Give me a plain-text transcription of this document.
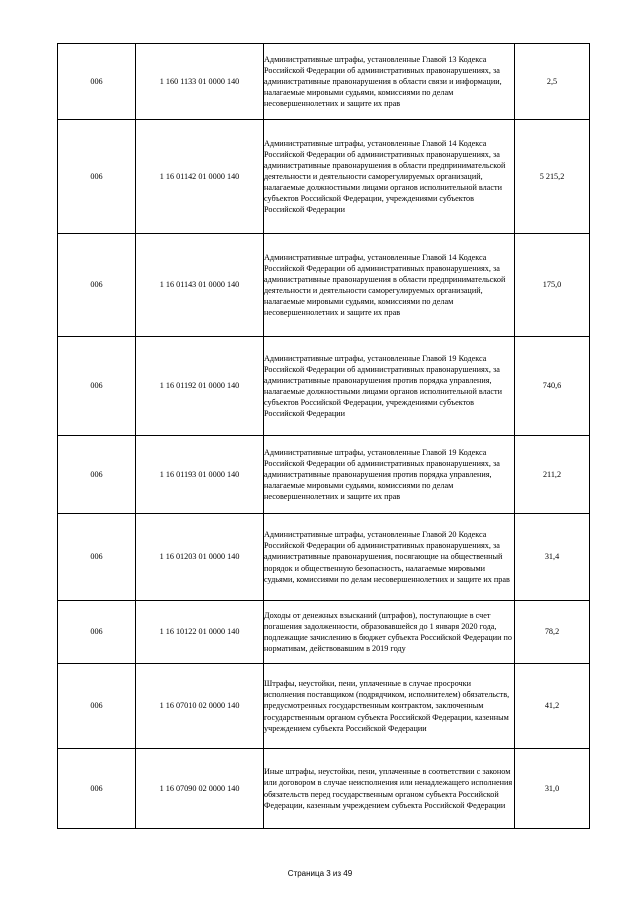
006	1 160 1133 01 0000 140	Административные штрафы, установленные Главой 13 Кодекса Российской Федерации об административных правонарушениях, за административные правонарушения в области связи и информации, налагаемые мировыми судьями, комиссиями по делам несовершеннолетних и защите их прав	2,5
006	1 16 01142 01 0000 140	Административные штрафы, установленные Главой 14 Кодекса Российской Федерации об административных правонарушениях, за административные правонарушения в области предпринимательской деятельности и деятельности саморегулируемых организаций, налагаемые должностными лицами органов исполнительной власти субъектов Российской Федерации, учреждениями субъектов Российской Федерации	5 215,2
006	1 16 01143 01 0000 140	Административные штрафы, установленные Главой 14 Кодекса Российской Федерации об административных правонарушениях, за административные правонарушения в области предпринимательской деятельности и деятельности саморегулируемых организаций, налагаемые мировыми судьями, комиссиями по делам несовершеннолетних и защите их прав	175,0
006	1 16 01192 01 0000 140	Административные штрафы, установленные Главой 19 Кодекса Российской Федерации об административных правонарушениях, за административные правонарушения против порядка управления, налагаемые должностными лицами органов исполнительной власти субъектов Российской Федерации, учреждениями субъектов Российской Федерации	740,6
006	1 16 01193 01 0000 140	Административные штрафы, установленные Главой 19 Кодекса Российской Федерации об административных правонарушениях, за административные правонарушения против порядка управления, налагаемые мировыми судьями, комиссиями по делам несовершеннолетних и защите их прав	211,2
006	1 16 01203 01 0000 140	Административные штрафы, установленные Главой 20 Кодекса Российской Федерации об административных правонарушениях, за административные правонарушения, посягающие на общественный порядок и общественную безопасность, налагаемые мировыми судьями, комиссиями по делам несовершеннолетних и защите их прав	31,4
006	1 16 10122 01 0000 140	Доходы от денежных взысканий (штрафов), поступающие в счет погашения задолженности, образовавшейся до 1 января 2020 года, подлежащие зачислению в бюджет субъекта Российской Федерации по нормативам, действовавшим в 2019 году	78,2
006	1 16 07010 02 0000 140	Штрафы, неустойки, пени, уплаченные в случае просрочки исполнения поставщиком (подрядчиком, исполнителем) обязательств, предусмотренных государственным контрактом, заключенным государственным органом субъекта Российской Федерации, казенным учреждением субъекта Российской Федерации	41,2
006	1 16 07090 02 0000 140	Иные штрафы, неустойки, пени, уплаченные в соответствии с законом или договором в случае неисполнения или ненадлежащего исполнения обязательств перед государственным органом субъекта Российской Федерации, казенным учреждением субъекта Российской Федерации	31,0
Страница 3 из 49
